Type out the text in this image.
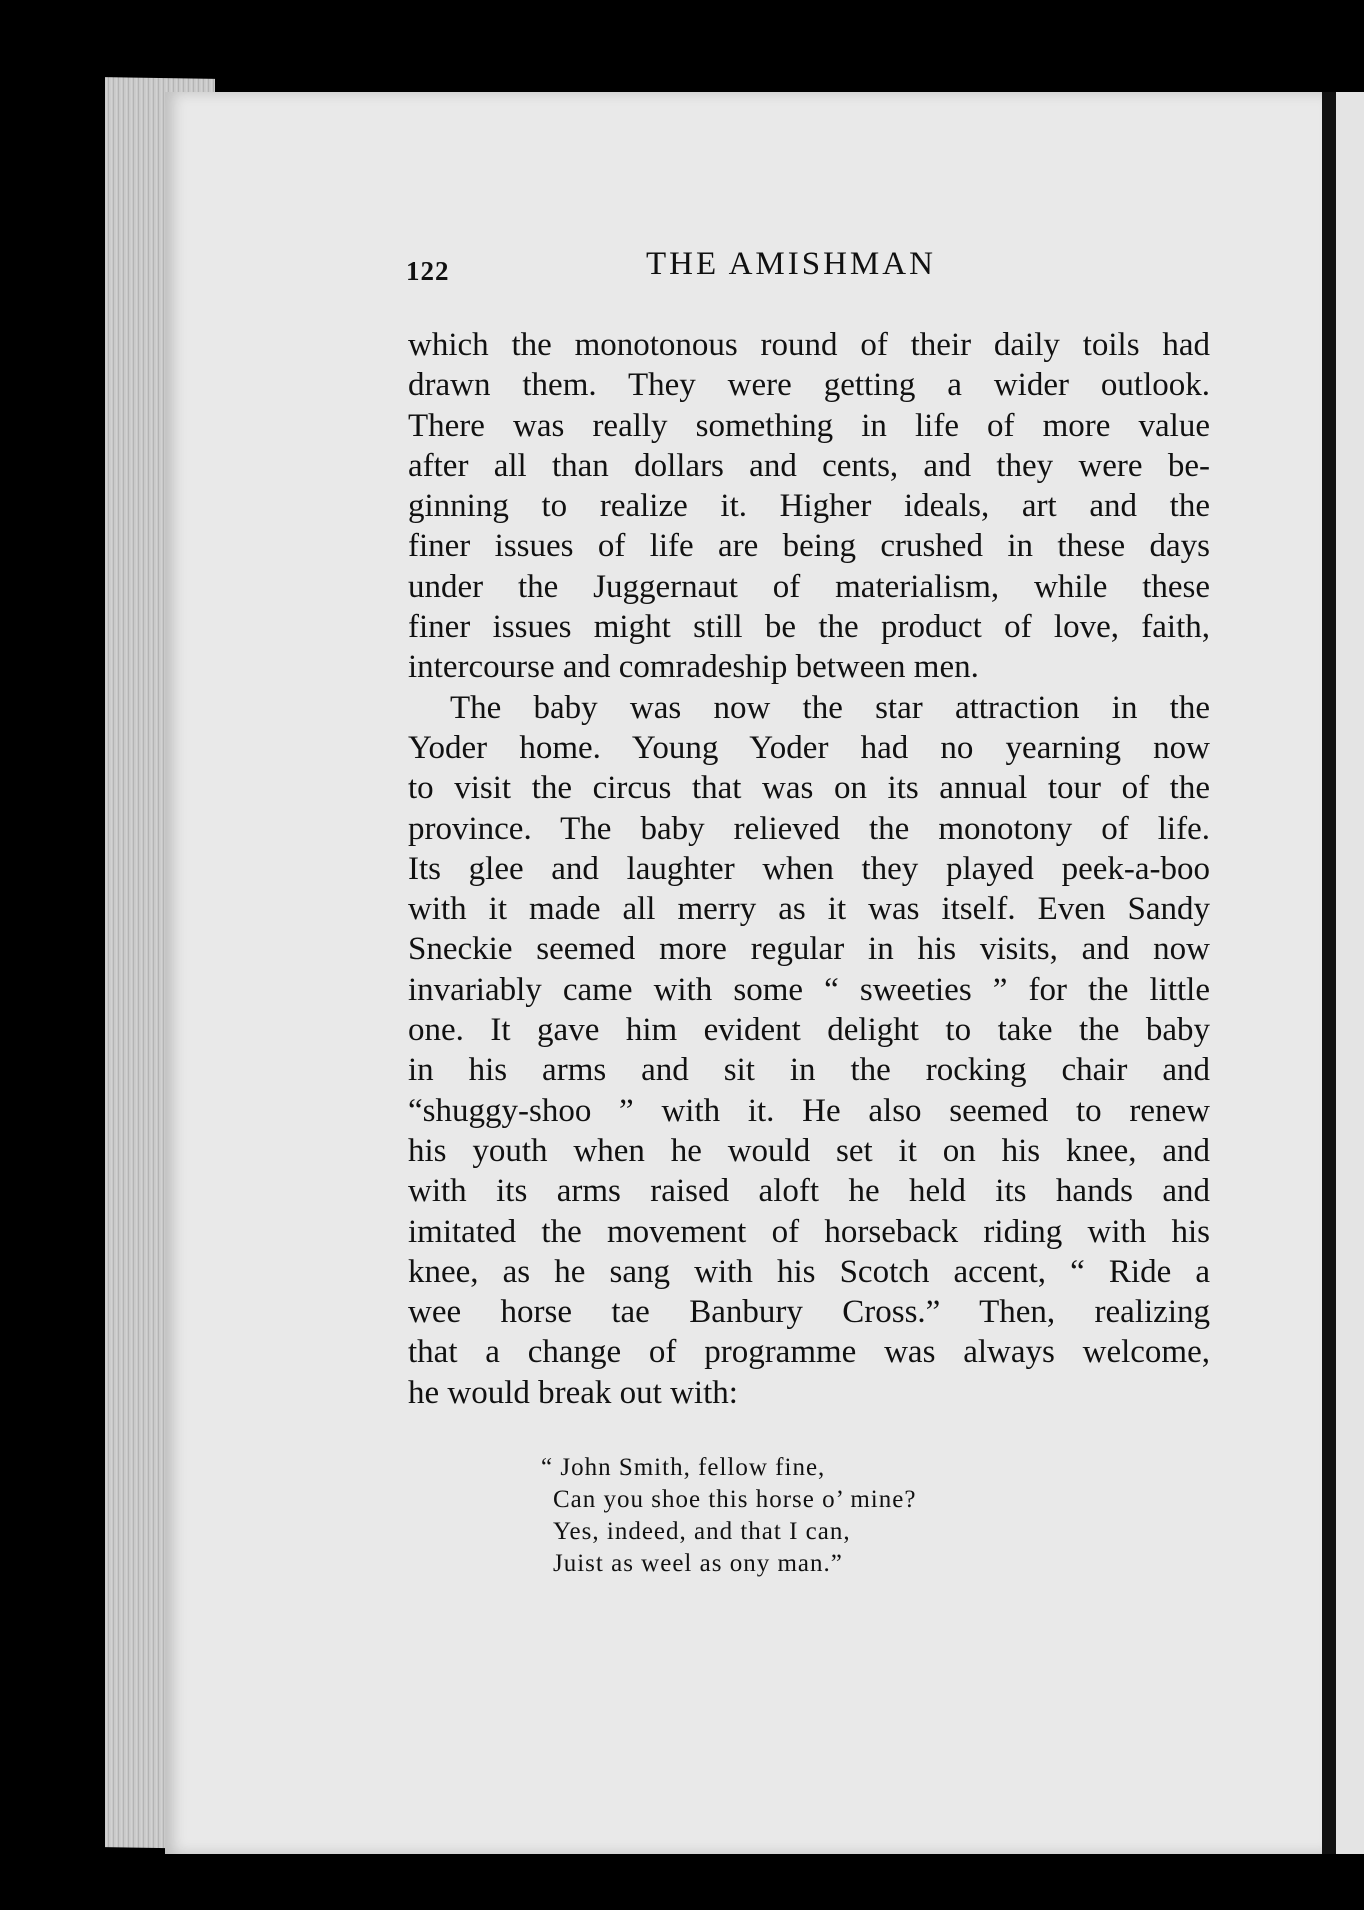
122	THE AMISHMAN
which the monotonous round of their daily toils had
drawn them. They were getting a wider outlook.
There was really something in life of more value
after all than dollars and cents, and they were be-
ginning to realize it. Higher ideals, art and the
finer issues of life are being crushed in these days
under the Juggernaut of materialism, while these
finer issues might still be the product of love, faith,
intercourse and comradeship between men.
The baby was now the star attraction in the
Yoder home. Young Yoder had no yearning now
to visit the circus that was on its annual tour of the
province. The baby relieved the monotony of life.
Its glee and laughter when they played peek-a-boo
with it made all merry as it was itself. Even Sandy
Sneckie seemed more regular in his visits, and now
invariably came with some “ sweeties ” for the little
one. It gave him evident delight to take the baby
in his arms and sit in the rocking chair and
“shuggy-shoo ” with it. He also seemed to renew
his youth when he would set it on his knee, and
with its arms raised aloft he held its hands and
imitated the movement of horseback riding with his
knee, as he sang with his Scotch accent, “ Ride a
wee horse tae Banbury Cross.” Then, realizing
that a change of programme was always welcome,
he would break out with:
“ John Smith, fellow fine,
Can you shoe this horse o’ mine?
Yes, indeed, and that I can,
Juist as weel as ony man.”
